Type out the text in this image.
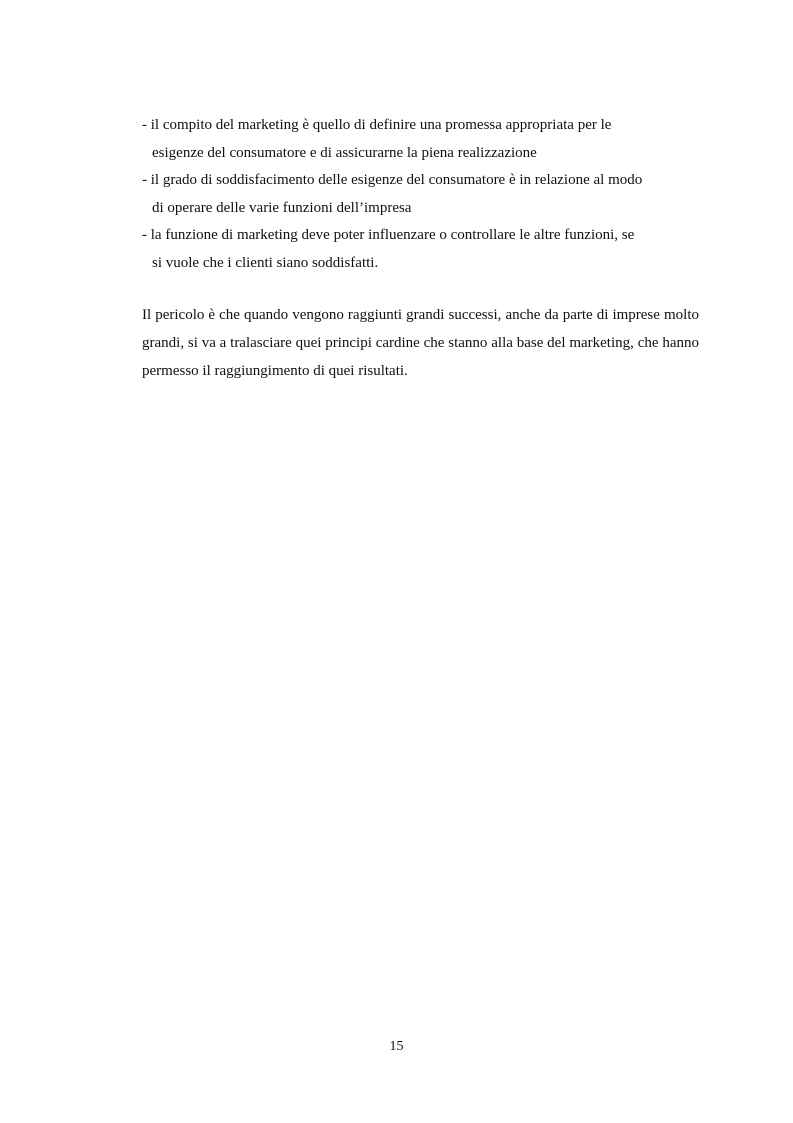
- il compito del marketing è quello di definire una promessa appropriata per le
esigenze del consumatore e di assicurarne la piena realizzazione
- il grado di soddisfacimento delle esigenze del consumatore è in relazione al modo
di operare delle varie funzioni dell’impresa
- la funzione di marketing deve poter influenzare o controllare le altre funzioni, se
si vuole che i clienti siano soddisfatti.

Il pericolo è che quando vengono raggiunti grandi successi, anche da parte di imprese molto grandi, si va a tralasciare quei principi cardine che stanno alla base del marketing, che hanno permesso il raggiungimento di quei risultati.

15
